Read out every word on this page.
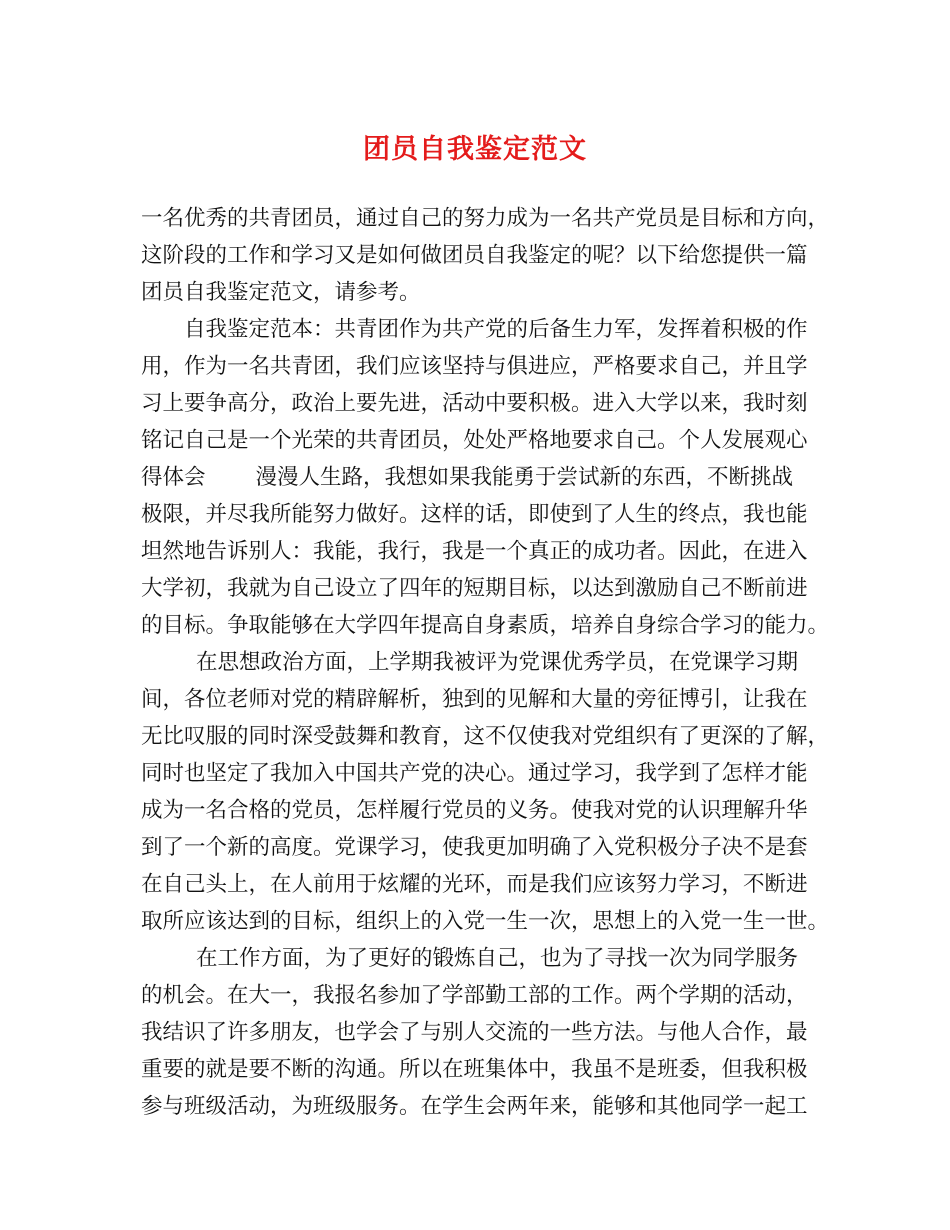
团员自我鉴定范文
一名优秀的共青团员，通过自己的努力成为一名共产党员是目标和方向，
这阶段的工作和学习又是如何做团员自我鉴定的呢？以下给您提供一篇
团员自我鉴定范文，请参考。
自我鉴定范本：共青团作为共产党的后备生力军，发挥着积极的作
用，作为一名共青团，我们应该坚持与俱进应，严格要求自己，并且学
习上要争高分，政治上要先进，活动中要积极。进入大学以来，我时刻
铭记自己是一个光荣的共青团员，处处严格地要求自己。个人发展观心
得体会 漫漫人生路，我想如果我能勇于尝试新的东西，不断挑战
极限，并尽我所能努力做好。这样的话，即使到了人生的终点，我也能
坦然地告诉别人：我能，我行，我是一个真正的成功者。因此，在进入
大学初，我就为自己设立了四年的短期目标，以达到激励自己不断前进
的目标。争取能够在大学四年提高自身素质，培养自身综合学习的能力。
在思想政治方面，上学期我被评为党课优秀学员，在党课学习期
间，各位老师对党的精辟解析，独到的见解和大量的旁征博引，让我在
无比叹服的同时深受鼓舞和教育，这不仅使我对党组织有了更深的了解，
同时也坚定了我加入中国共产党的决心。通过学习，我学到了怎样才能
成为一名合格的党员，怎样履行党员的义务。使我对党的认识理解升华
到了一个新的高度。党课学习，使我更加明确了入党积极分子决不是套
在自己头上，在人前用于炫耀的光环，而是我们应该努力学习，不断进
取所应该达到的目标，组织上的入党一生一次，思想上的入党一生一世。
在工作方面，为了更好的锻炼自己，也为了寻找一次为同学服务
的机会。在大一，我报名参加了学部勤工部的工作。两个学期的活动，
我结识了许多朋友，也学会了与别人交流的一些方法。与他人合作，最
重要的就是要不断的沟通。所以在班集体中，我虽不是班委，但我积极
参与班级活动，为班级服务。在学生会两年来，能够和其他同学一起工
